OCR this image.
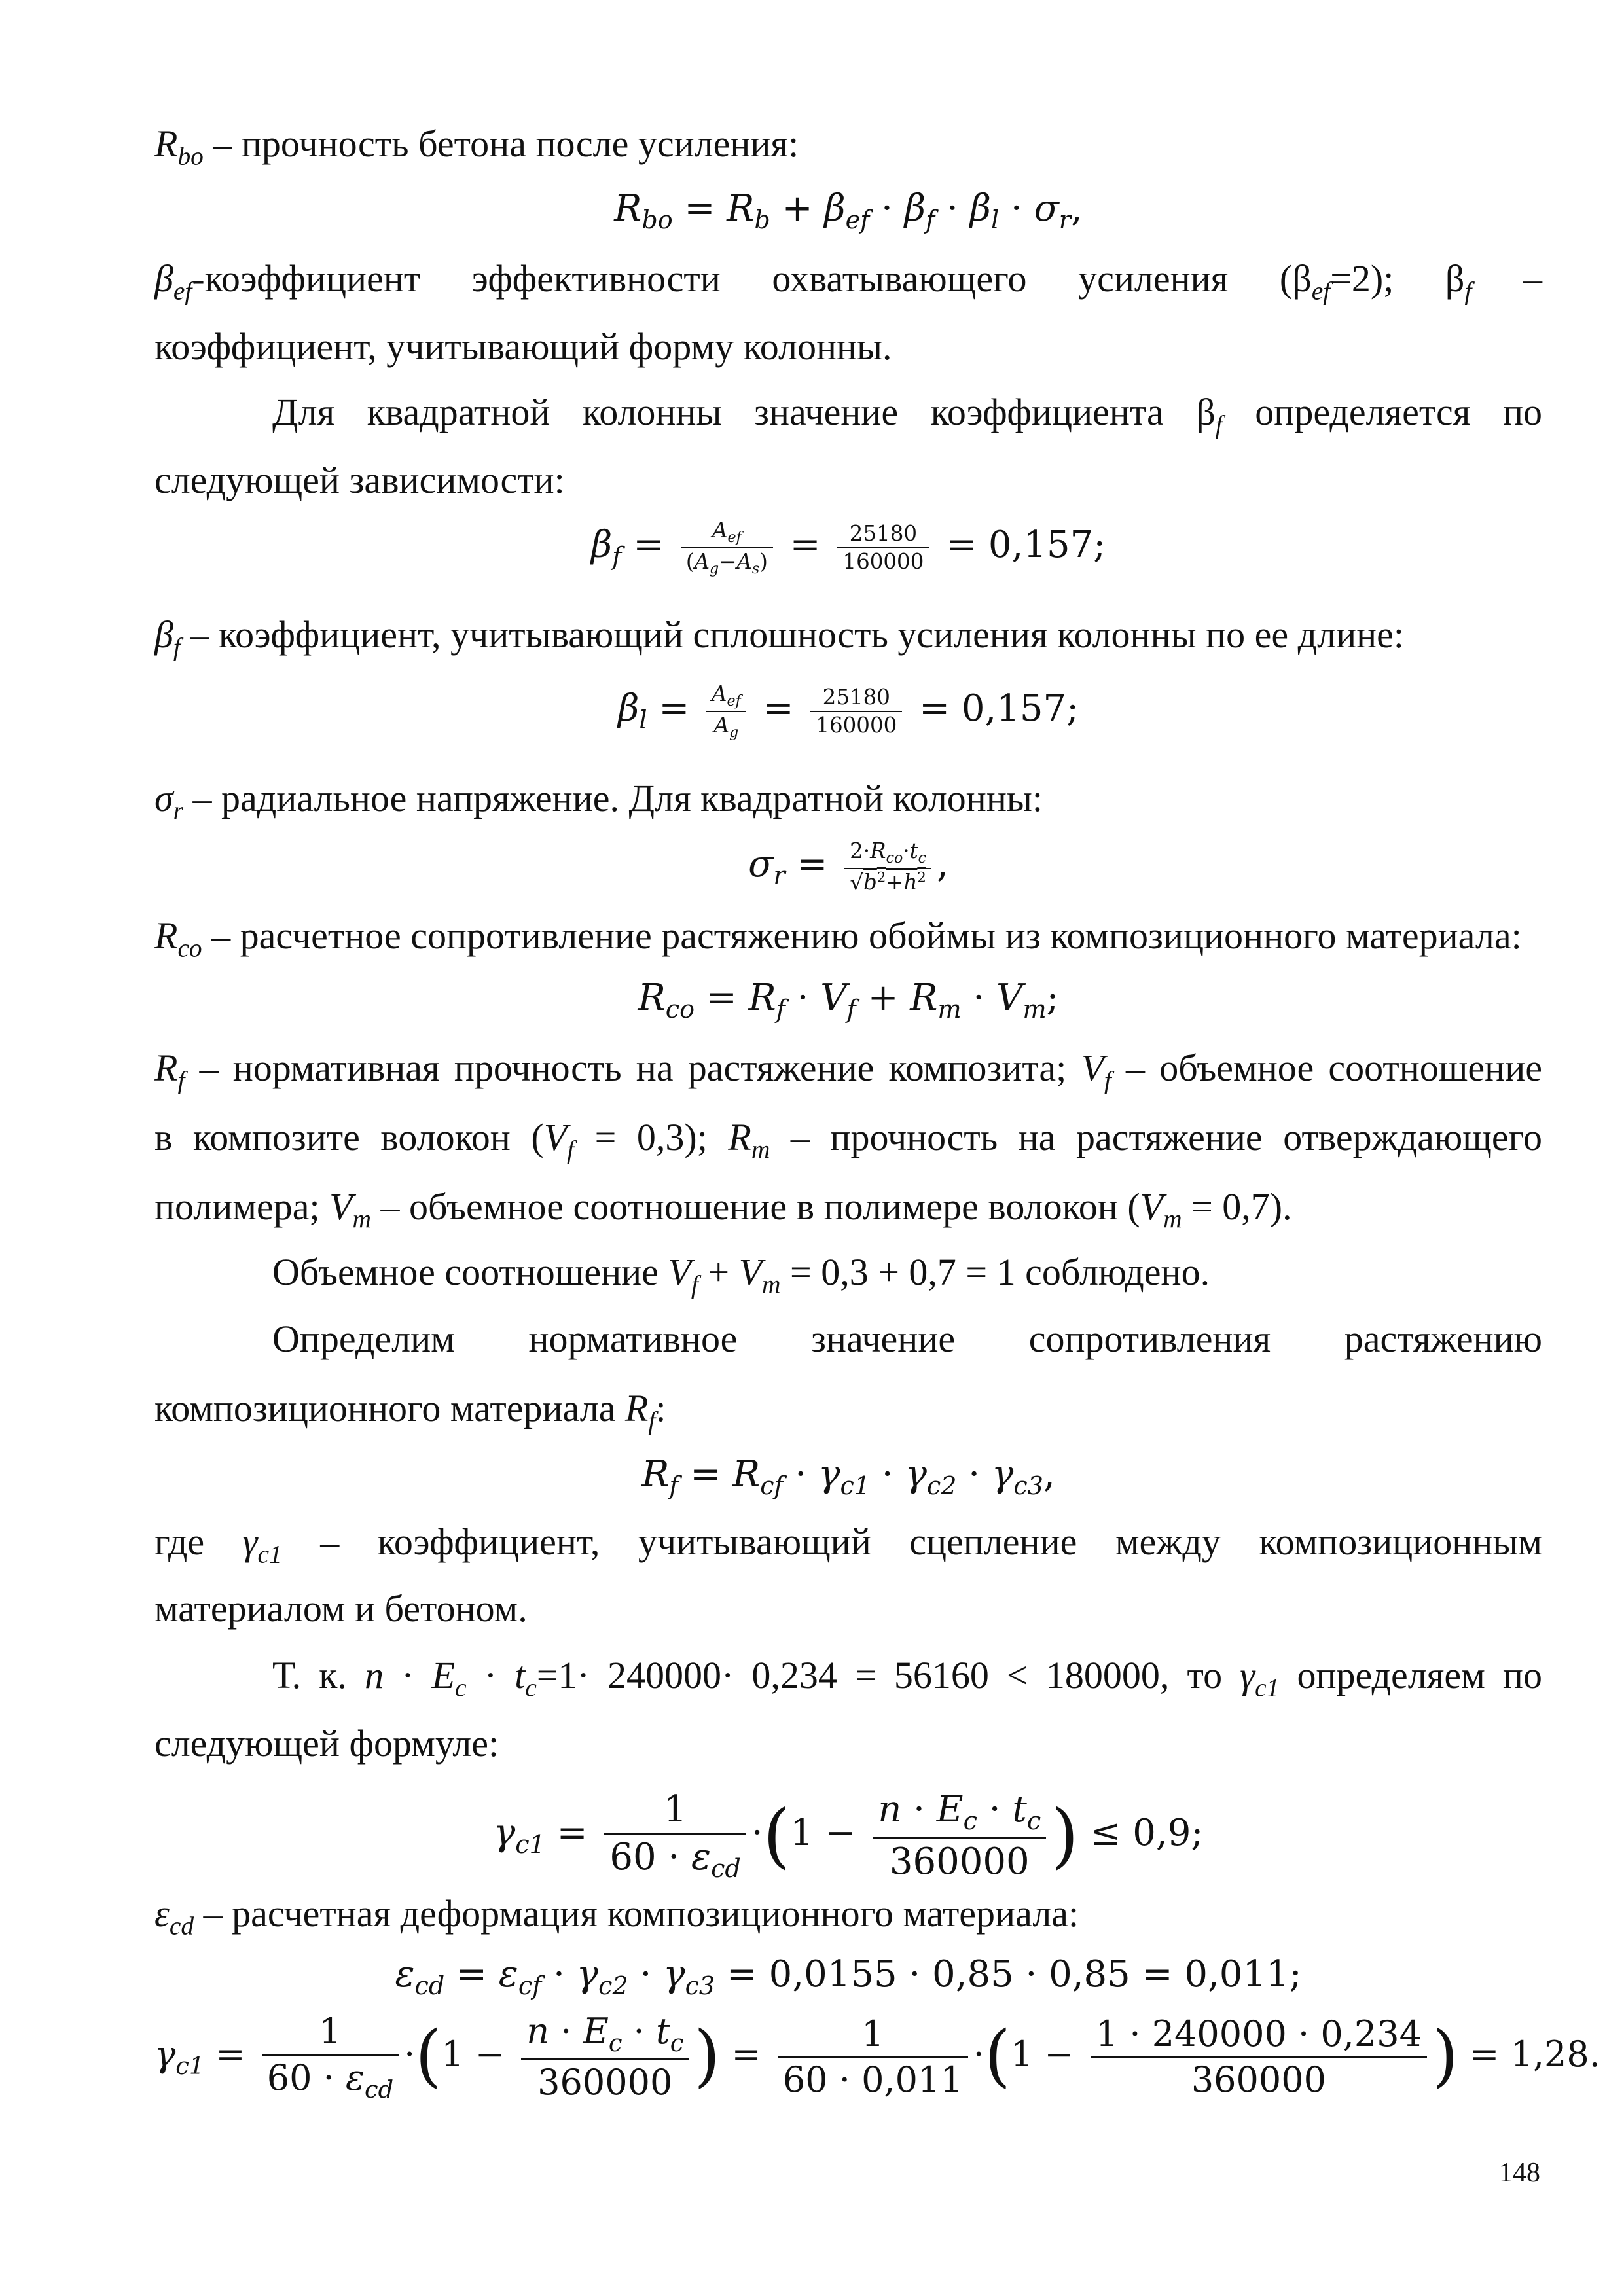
$R_{bo}$ – прочность бетона после усиления:
$R_{bo} = R_b + \beta_{ef} \cdot \beta_f \cdot \beta_l \cdot \sigma_r$,
$\beta_{ef}$-коэффициент эффективности охватывающего усиления $(\beta_{ef}=2)$; $\beta_f$ –
коэффициент, учитывающий форму колонны.
Для квадратной колонны значение коэффициента $\beta_f$ определяется по
следующей зависимости:
$\beta_f = \frac{A_{ef}}{(A_g-A_s)} = \frac{25180}{160000} = 0,157$;
$\beta_f$ – коэффициент, учитывающий сплошность усиления колонны по ее длине:
$\beta_l = \frac{A_{ef}}{A_g} = \frac{25180}{160000} = 0,157$;
$\sigma_r$ – радиальное напряжение. Для квадратной колонны:
$\sigma_r = \frac{2\cdot R_{co}\cdot t_c}{√b^2+h^2}$ ,
$R_{co}$ – расчетное сопротивление растяжению обоймы из композиционного материала:
$R_{co} = R_f \cdot V_f + R_m \cdot V_m$;
$R_f$ – нормативная прочность на растяжение композита; $V_f$ – объемное соотношение
в композите волокон $(V_f = 0,3)$; $R_m$ – прочность на растяжение отверждающего
полимера; $V_m$ – объемное соотношение в полимере волокон $(V_m = 0,7)$.
Объемное соотношение $V_f + V_m = 0,3 + 0,7 = 1$ соблюдено.
Определим нормативное значение сопротивления растяжению
композиционного материала $R_f$:
$R_f = R_{cf} \cdot \gamma_{c1} \cdot \gamma_{c2} \cdot \gamma_{c3}$,
где $\gamma_{c1}$ – коэффициент, учитывающий сцепление между композиционным
материалом и бетоном.
Т. к. $n \cdot E_c \cdot t_c=1\cdot 240000\cdot 0,234 = 56160 < 180000$, то $\gamma_{c1}$ определяем по
следующей формуле:
$\gamma_{c1} = \frac{1}{60 \cdot \varepsilon_{cd}} \cdot(1 - \frac{n \cdot E_c \cdot t_c}{360000}$ ) ≤ 0,9;
$\varepsilon_{cd}$ – расчетная деформация композиционного материала:
$\varepsilon_{cd} = \varepsilon_{cf} \cdot \gamma_{c2} \cdot \gamma_{c3} = 0,0155 \cdot 0,85 \cdot 0,85 = 0,011$;
$\gamma_{c1} = \frac{1}{60 \cdot \varepsilon_{cd}} \cdot(1 - \frac{n \cdot E_c \cdot t_c}{360000}$ ) = $\frac{1}{60 \cdot 0,011} \cdot(1 - \frac{1 \cdot 240000 \cdot 0,234}{360000}$ ) = 1,28.
148
